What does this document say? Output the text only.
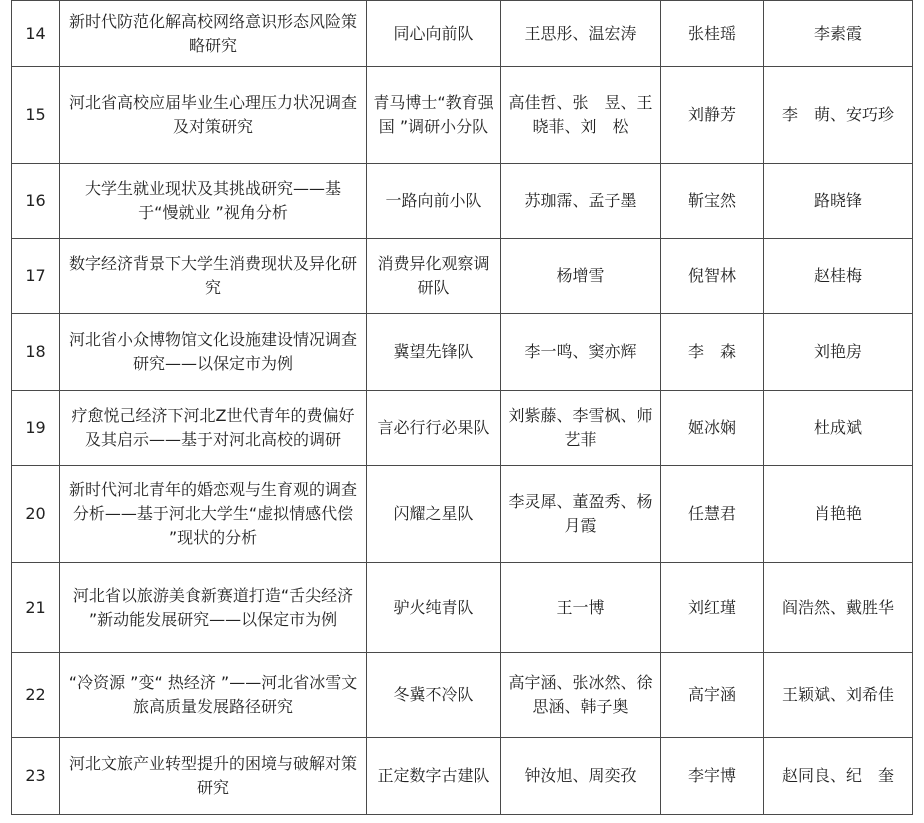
14	新时代防范化解高校网络意识形态风险策略研究	同心向前队	王思彤、温宏涛	张桂瑶	李素霞
15	河北省高校应届毕业生心理压力状况调查及对策研究	青马博士“教育强国 ”调研小分队	高佳哲、张　昱、王晓菲、刘　松	刘静芳	李　萌、安巧珍
16	大学生就业现状及其挑战研究——基于“慢就业 ”视角分析	一路向前小队	苏珈霈、孟子墨	靳宝然	路晓锋
17	数字经济背景下大学生消费现状及异化研究	消费异化观察调研队	杨增雪	倪智林	赵桂梅
18	河北省小众博物馆文化设施建设情况调查研究——以保定市为例	冀望先锋队	李一鸣、窦亦辉	李　森	刘艳房
19	疗愈悦己经济下河北Z世代青年的费偏好及其启示——基于对河北高校的调研	言必行行必果队	刘紫藤、李雪枫、师艺菲	姬冰娴	杜成斌
20	新时代河北青年的婚恋观与生育观的调查分析——基于河北大学生“虚拟情感代偿 ”现状的分析	闪耀之星队	李灵犀、董盈秀、杨月霞	任慧君	肖艳艳
21	河北省以旅游美食新赛道打造“舌尖经济 ”新动能发展研究——以保定市为例	驴火纯青队	王一博	刘红瑾	阎浩然、戴胜华
22	“冷资源 ”变“ 热经济 ”——河北省冰雪文旅高质量发展路径研究	冬冀不冷队	高宇涵、张冰然、徐思涵、韩子奥	高宇涵	王颖斌、刘希佳
23	河北文旅产业转型提升的困境与破解对策研究	正定数字古建队	钟汝旭、周奕孜	李宇博	赵同良、纪　奎
